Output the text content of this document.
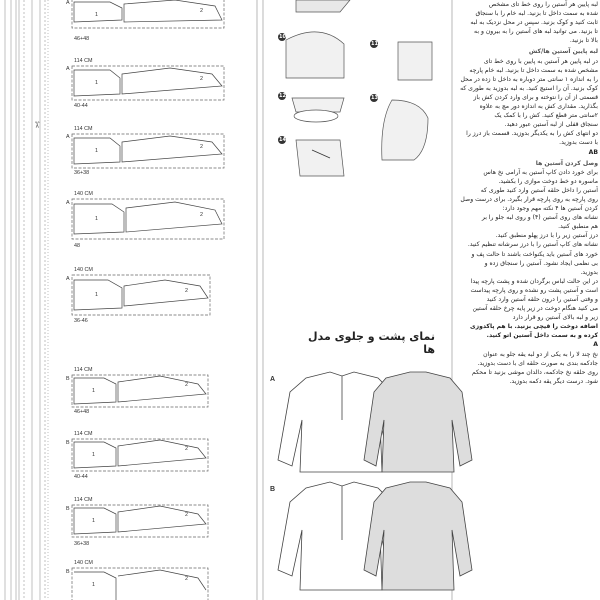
✂
A
1
2
46+48
114 CM
A
1
2
40-44
114 CM
A
1
2
36+38
140 CM
A
1
2
48
140 CM
A
1
2
36-46
114 CM
B
1
2
46+48
114 CM
B
1
2
40-44
114 CM
B
1
2
36+38
140 CM
B
1
2
10
11
12	13
14
نمای پشت و جلوی مدل ها
A
B

لبه پایین هر آستین را روی خط تای مشخص

شده به سمت داخل تا بزنید. لبه خام را با سنجاق

ثابت کنید و کوک بزنید. سپس در محل نزدیک به لبه

تا بزنید. می توانید لبه های آستین را به بیرون و به

بالا تا بزنید.

لبه پایین آستین ها/کش

در لبه پایین هر آستین به پایین با روی خط تای

مشخص شده به سمت داخل تا بزنید. لبه خام پارچه

را به اندازه ۱ سانتی متر دوباره به داخل تا زده در محل

کوک بزنید. آن را استیچ کنید. به لبه بدوزید به طوری که

قسمتی از آن را نتوخته و برای وارد کردن کش باز

بگذارید. مقداری کش به اندازه دور مچ به علاوه

۲سانتی متر قطع کنید. کش را با کمک یک

سنجاق قفلی از لبه آستین عبور دهید.

دو انتهای کش را به یکدیگر بدوزید. قسمت باز درز را

با دست بدوزید.

AB

وصل کردن آستین ها

برای خورد دادن کاپ آستین به آرامی نخ هاس

ماسوره دو خط دوخت موازی را بکشید.

آستین را داخل حلقه آستین وارد کنید طوری که

روی پارچه به روی پارچه قرار بگیرد. برای درست وصل

کردن آستین ها ۴ نکته مهم وجود دارد:

نشانه های روی آستین (۴) و روی لبه جلو را بر

هم منطبق کنید.

درز آستین زیر را با درز پهلو منطبق کنید.

نشانه های کاپ آستین را با درز سرشانه تنظیم کنید.

خورد های آستین باید یکنواخت باشند تا حالت پف و

بی نظمی ایجاد نشود. آستین را سنجاق زده و

بدوزید.

در این حالت لباس برگردان شده و پشت پارچه پیدا

است و آستین پشت رو نشده و روی پارچه پیداست

و وقتی آستین را درون حلقه آستین وارد کنید

می کنید هنگام دوخت در زیر پایه چرخ حلقه آستین

زیر و لبه بالای آستین رو قرار دارد

اضافه دوخت را قیچی بزنید. با هم پاکدوزی

کرده و به سمت داخل آستین اتو کنید.

A

نخ چند لا را به یکی از دو لبه یقه جلو به عنوان

جادکمه بندی به صورت حلقه ای با دست بدوزید.

روی حلقه نخ جادکمه، دالدان موشی بزنید تا محکم

شود. درست دیگر یقه دکمه بدوزید.
